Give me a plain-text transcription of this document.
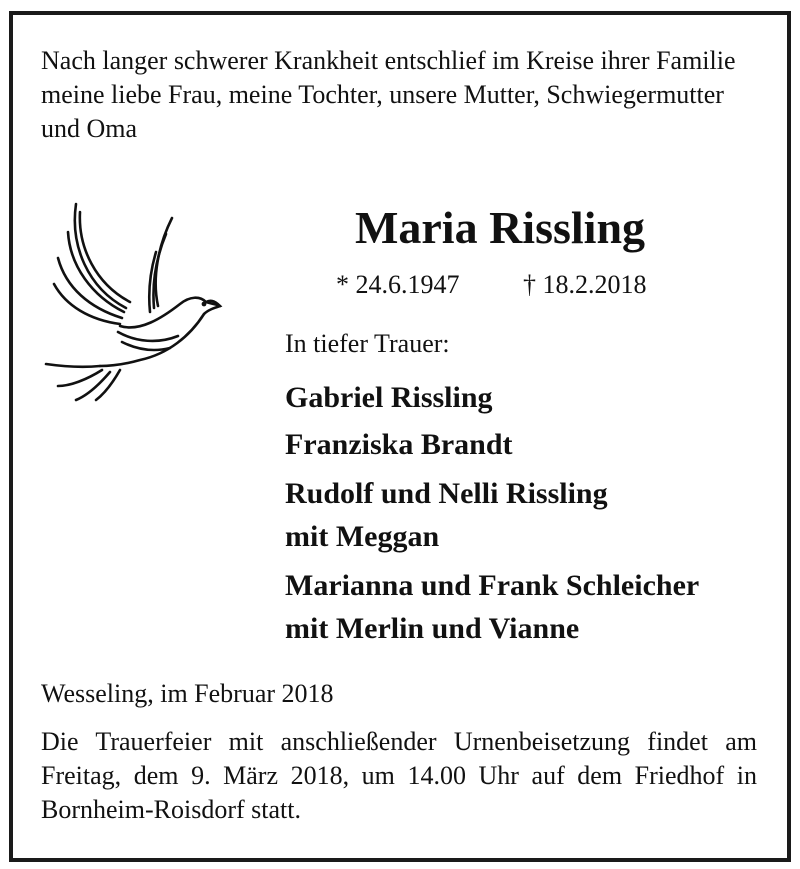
Nach langer schwerer Krankheit entschlief im Kreise ihrer Familie meine liebe Frau, meine Tochter, unsere Mutter, Schwiegermutter und Oma

Maria Rissling
* 24.6.1947 † 18.2.2018
In tiefer Trauer:
Gabriel Rissling
Franziska Brandt
Rudolf und Nelli Rissling
mit Meggan
Marianna und Frank Schleicher
mit Merlin und Vianne
Wesseling, im Februar 2018

Die Trauerfeier mit anschließender Urnenbeisetzung findet am Freitag, dem 9. März 2018, um 14.00 Uhr auf dem Friedhof in Bornheim-Roisdorf statt.
